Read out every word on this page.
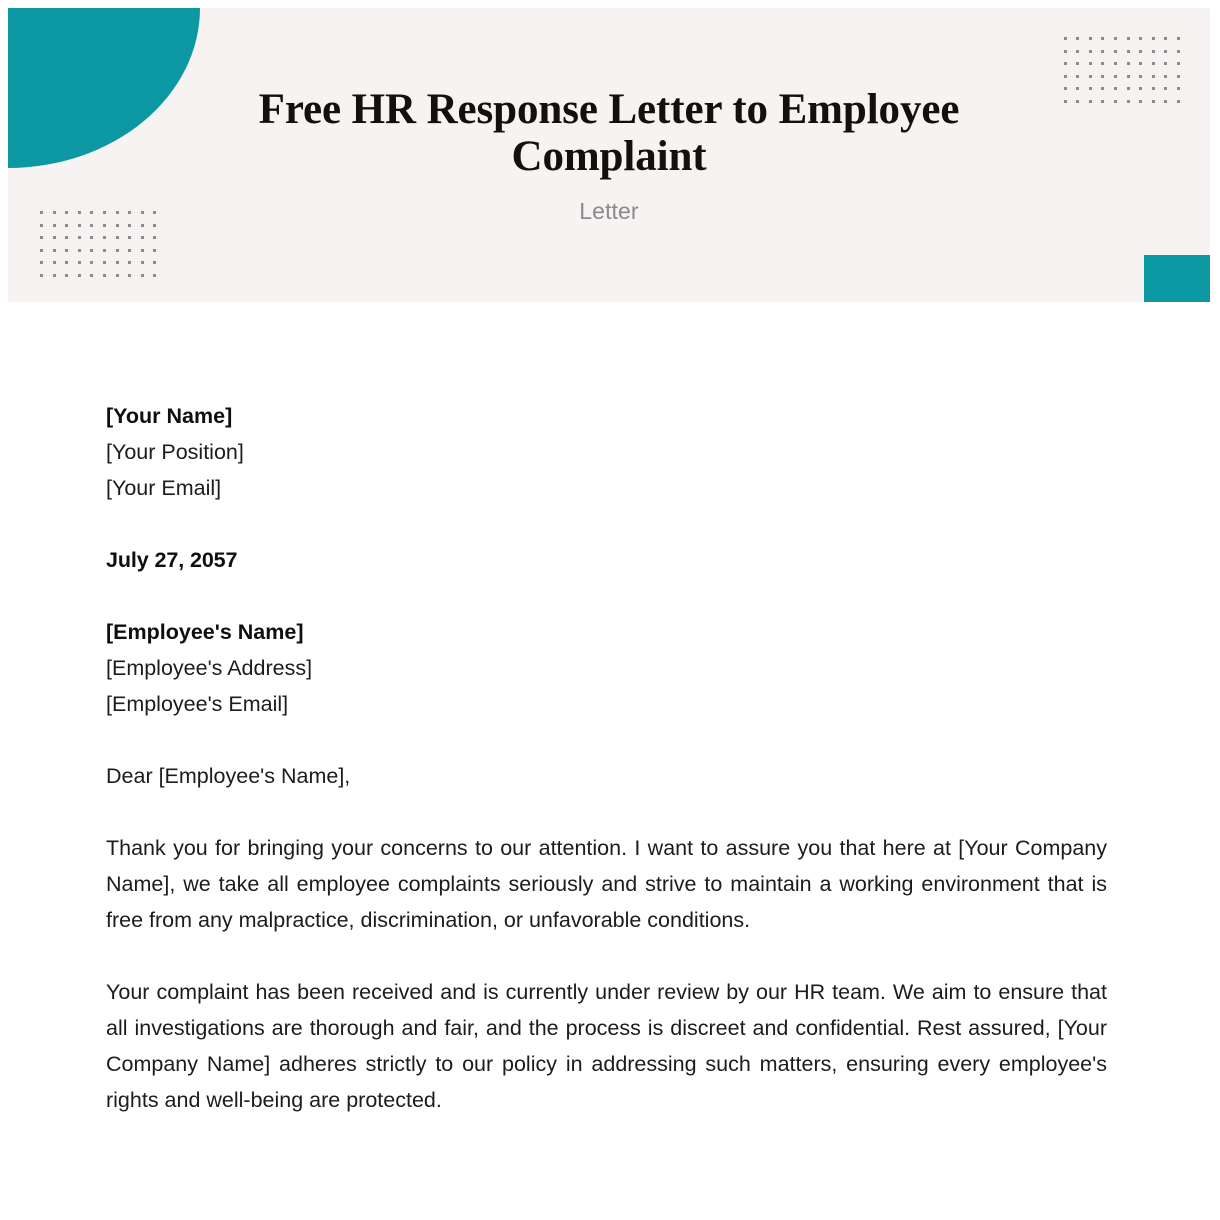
Free HR Response Letter to Employee Complaint
Letter
[Your Name]
[Your Position]
[Your Email]
July 27, 2057
[Employee's Name]
[Employee's Address]
[Employee's Email]
Dear [Employee's Name],

Thank you for bringing your concerns to our attention. I want to assure you that here at [Your Company Name], we take all employee complaints seriously and strive to maintain a working environment that is free from any malpractice, discrimination, or unfavorable conditions.

Your complaint has been received and is currently under review by our HR team. We aim to ensure that all investigations are thorough and fair, and the process is discreet and confidential. Rest assured, [Your Company Name] adheres strictly to our policy in addressing such matters, ensuring every employee's rights and well-being are protected.
